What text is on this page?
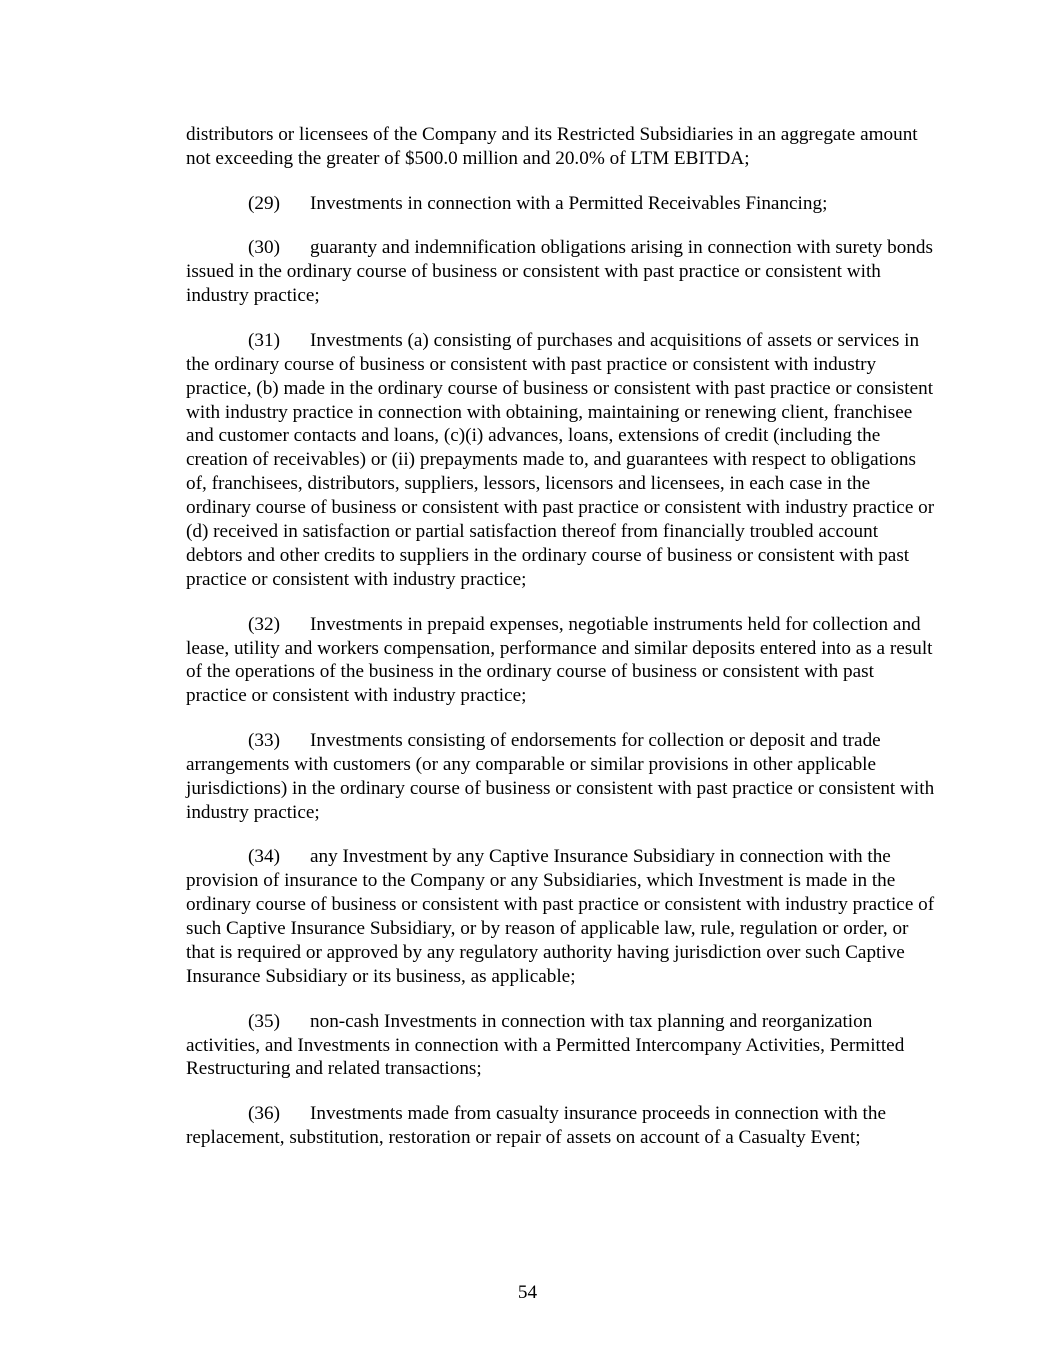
distributors or licensees of the Company and its Restricted Subsidiaries in an aggregate amount not exceeding the greater of $500.0 million and 20.0% of LTM EBITDA;

(29) Investments in connection with a Permitted Receivables Financing;

(30) guaranty and indemnification obligations arising in connection with surety bonds issued in the ordinary course of business or consistent with past practice or consistent with industry practice;

(31) Investments (a) consisting of purchases and acquisitions of assets or services in the ordinary course of business or consistent with past practice or consistent with industry practice, (b) made in the ordinary course of business or consistent with past practice or consistent with industry practice in connection with obtaining, maintaining or renewing client, franchisee and customer contacts and loans, (c)(i) advances, loans, extensions of credit (including the creation of receivables) or (ii) prepayments made to, and guarantees with respect to obligations of, franchisees, distributors, suppliers, lessors, licensors and licensees, in each case in the ordinary course of business or consistent with past practice or consistent with industry practice or (d) received in satisfaction or partial satisfaction thereof from financially troubled account debtors and other credits to suppliers in the ordinary course of business or consistent with past practice or consistent with industry practice;

(32) Investments in prepaid expenses, negotiable instruments held for collection and lease, utility and workers compensation, performance and similar deposits entered into as a result of the operations of the business in the ordinary course of business or consistent with past practice or consistent with industry practice;

(33) Investments consisting of endorsements for collection or deposit and trade arrangements with customers (or any comparable or similar provisions in other applicable jurisdictions) in the ordinary course of business or consistent with past practice or consistent with industry practice;

(34) any Investment by any Captive Insurance Subsidiary in connection with the provision of insurance to the Company or any Subsidiaries, which Investment is made in the ordinary course of business or consistent with past practice or consistent with industry practice of such Captive Insurance Subsidiary, or by reason of applicable law, rule, regulation or order, or that is required or approved by any regulatory authority having jurisdiction over such Captive Insurance Subsidiary or its business, as applicable;

(35) non-cash Investments in connection with tax planning and reorganization activities, and Investments in connection with a Permitted Intercompany Activities, Permitted Restructuring and related transactions;

(36) Investments made from casualty insurance proceeds in connection with the replacement, substitution, restoration or repair of assets on account of a Casualty Event;

54
